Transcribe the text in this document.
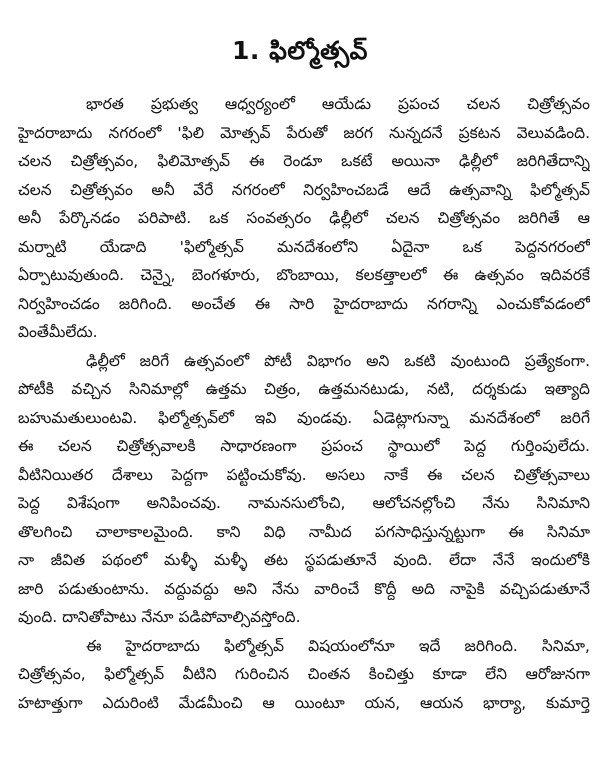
1. ఫిల్మోత్సవ్

భారత ప్రభుత్వ ఆధ్వర్యంలో ఆయేడు ప్రపంచ చలన చిత్రోత్సవం
హైదరాబాదు నగరంలో 'ఫిలి మోత్సవ్ పేరుతో జరగ నున్నదనే ప్రకటన వెలువడింది.
చలన చిత్రోత్సవం, ఫిలిమోత్సవ్ ఈ రెండూ ఒకటే అయినా ఢిల్లీలో జరిగితేదాన్ని
చలన చిత్రోత్సవం అనీ వేరే నగరంలో నిర్వహించబడే ఆదే ఉత్సవాన్ని ఫిల్మోత్సవ్
అనీ పేర్కొనడం పరిపాటి. ఒక సంవత్సరం ఢిల్లీలో చలన చిత్రోత్సవం జరిగితే ఆ
మర్నాటి యేడాది 'ఫిల్మోత్సవ్ మనదేశంలోని ఏదైనా ఒక పెద్దనగరంలో
ఏర్పాటువుతుంది. చెన్నై, బెంగళూరు, బొంబాయి, కలకత్తాలలో ఈ ఉత్సవం ఇదివరకే
నిర్వహించడం జరిగింది. అంచేత ఈ సారి హైదరాబాదు నగరాన్ని ఎంచుకోవడంలో
వింతేమీలేదు.

ఢిల్లీలో జరిగే ఉత్సవంలో పోటీ విభాగం అని ఒకటి వుంటుంది ప్రత్యేకంగా.
పోటీకి వచ్చిన సినిమాల్లో ఉత్తమ చిత్రం, ఉత్తమనటుడు, నటి, దర్శకుడు ఇత్యాది
బహుమతులుంటవి. ఫిల్మోత్సవ్‌లో ఇవి వుండవు. ఏడెట్లాగున్నా మనదేశంలో జరిగే
ఈ చలన చిత్రోత్సవాలకి సాధారణంగా ప్రపంచ స్థాయిలో పెద్ద గుర్తింపులేదు.
వీటినియితర దేశాలు పెద్దగా పట్టించుకోవు. అసలు నాకే ఈ చలన చిత్రోత్సవాలు
పెద్ద విశేషంగా అనిపించవు. నామనసులోంచి, ఆలోచనల్లోంచి నేను సినిమాని
తొలగించి చాలాకాలమైంది. కాని విధి నామీద పగసాధిస్తున్నట్టుగా ఈ సినిమా
నా జీవిత పథంలో మళ్ళీ మళ్ళీ తట స్థపడుతూనే వుంది. లేదా నేనే ఇందులోకి
జారి పడుతుంటాను. వద్దువద్దు అని నేను వారించే కొద్దీ అది నాపైకి వచ్చిపడుతూనే
వుంది. దానితోపాటు నేనూ పడిపోవాల్సివస్తోంది.

ఈ హైదరాబాదు ఫిల్మోత్సవ్ విషయంలోనూ ఇదే జరిగింది. సినిమా,
చిత్రోత్సవం, ఫిల్మోత్సవ్ వీటిని గురించిన చింతన కించిత్తు కూడా లేని ఆరోజునగా
హటాత్తుగా ఎదురింటి మేడమీంచి ఆ యింటూ యన, ఆయన భార్యా, కుమార్తె
